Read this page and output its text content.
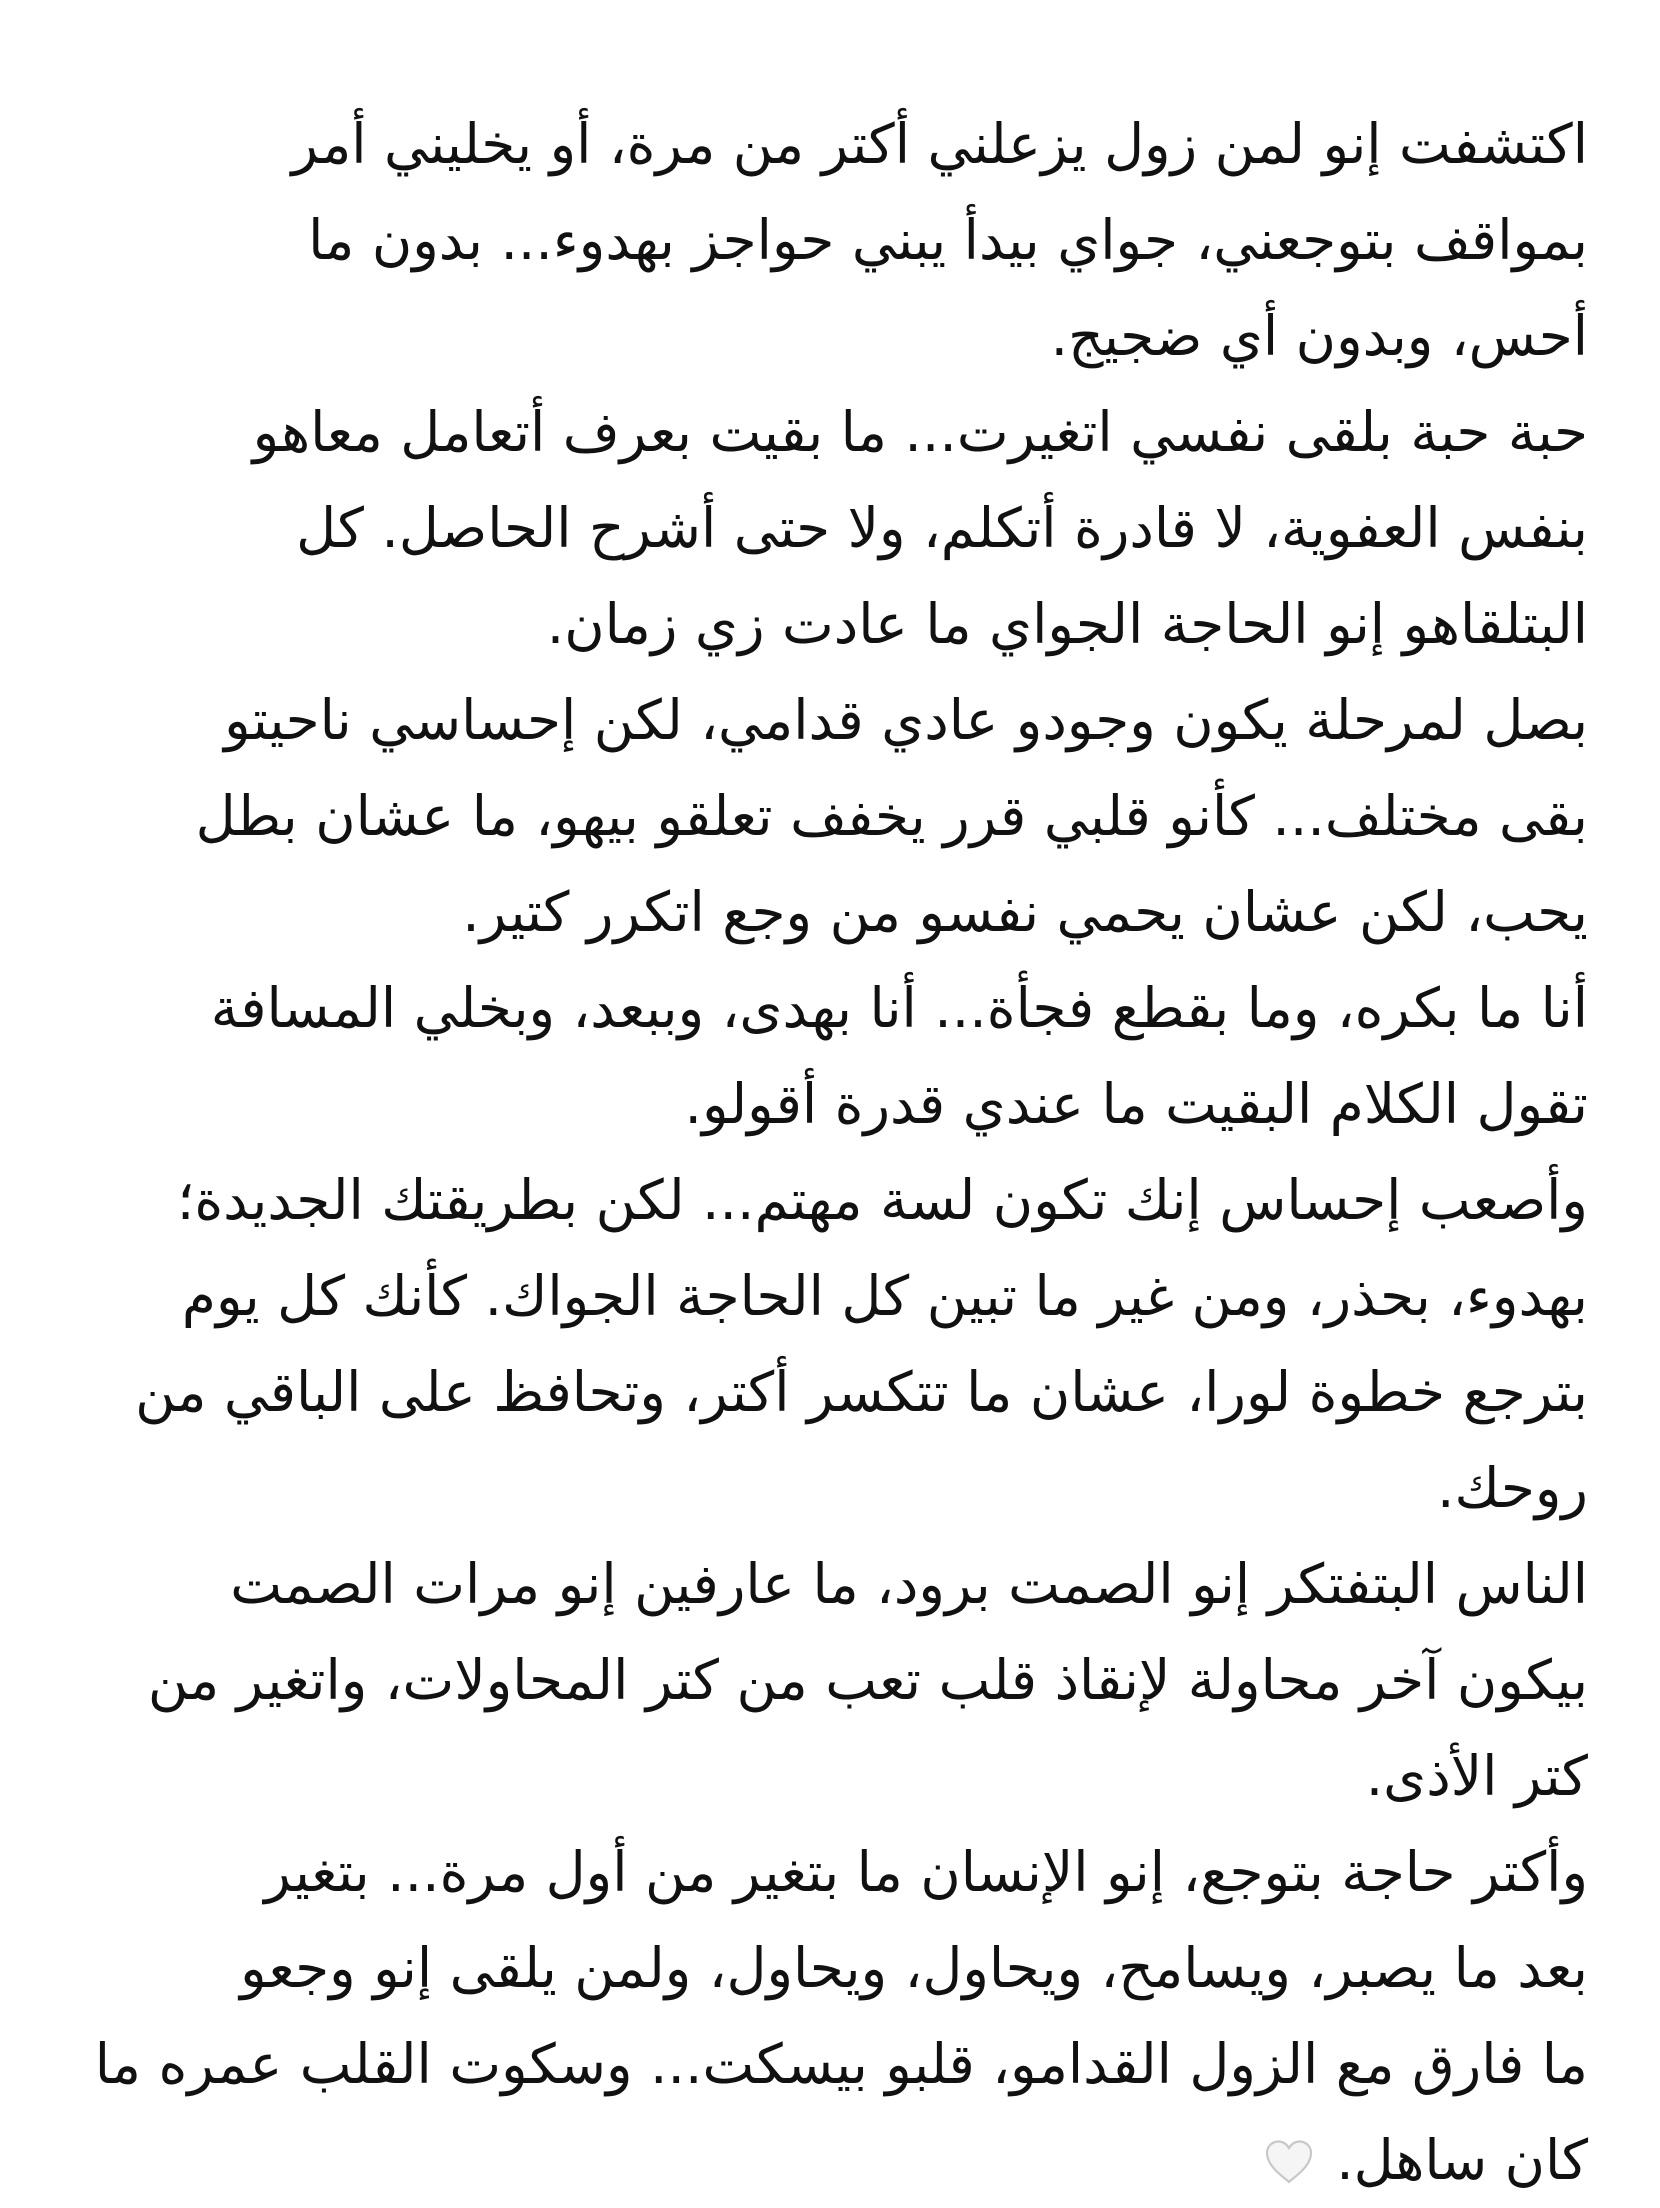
اكتشفت إنو لمن زول يزعلني أكتر من مرة، أو يخليني أمر
بمواقف بتوجعني، جواي بيدأ يبني حواجز بهدوء... بدون ما
أحس، وبدون أي ضجيج.
حبة حبة بلقى نفسي اتغيرت... ما بقيت بعرف أتعامل معاهو
بنفس العفوية، لا قادرة أتكلم، ولا حتى أشرح الحاصل. كل
البتلقاهو إنو الحاجة الجواي ما عادت زي زمان.
بصل لمرحلة يكون وجودو عادي قدامي، لكن إحساسي ناحيتو
بقى مختلف... كأنو قلبي قرر يخفف تعلقو بيهو، ما عشان بطل
يحب، لكن عشان يحمي نفسو من وجع اتكرر كتير.
أنا ما بكره، وما بقطع فجأة... أنا بهدى، وببعد، وبخلي المسافة
تقول الكلام البقيت ما عندي قدرة أقولو.
وأصعب إحساس إنك تكون لسة مهتم... لكن بطريقتك الجديدة؛
بهدوء، بحذر، ومن غير ما تبين كل الحاجة الجواك. كأنك كل يوم
بترجع خطوة لورا، عشان ما تتكسر أكتر، وتحافظ على الباقي من
روحك.
الناس البتفتكر إنو الصمت برود، ما عارفين إنو مرات الصمت
بيكون آخر محاولة لإنقاذ قلب تعب من كتر المحاولات، واتغير من
كتر الأذى.
وأكتر حاجة بتوجع، إنو الإنسان ما بتغير من أول مرة... بتغير
بعد ما يصبر، ويسامح، ويحاول، ويحاول، ولمن يلقى إنو وجعو
ما فارق مع الزول القدامو، قلبو بيسكت... وسكوت القلب عمره ما
كان ساهل.
